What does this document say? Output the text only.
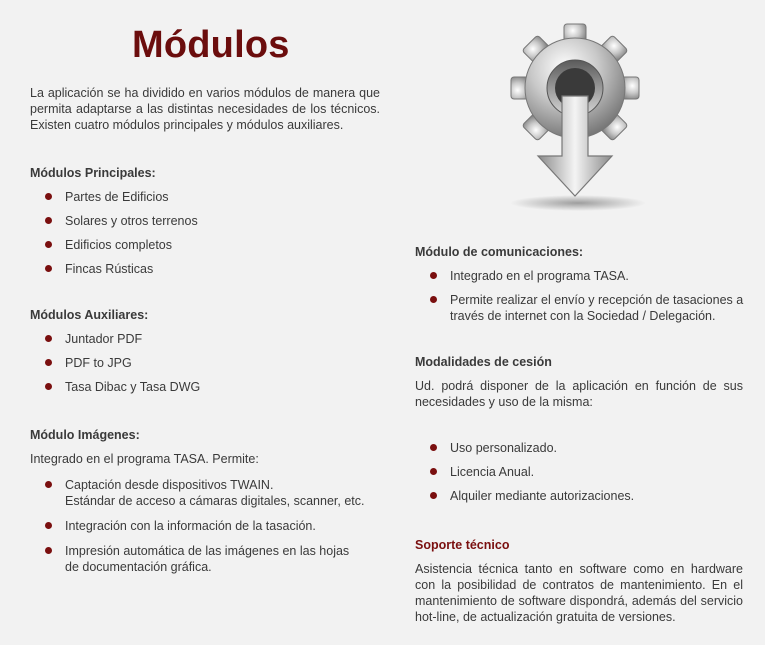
Módulos

La aplicación se ha dividido en varios módulos de manera que permita adaptarse a las distintas necesidades de los técnicos. Existen cuatro módulos principales y módulos auxiliares.

Módulos Principales:
Partes de Edificios
Solares y otros terrenos
Edificios completos
Fincas Rústicas
Módulos Auxiliares:
Juntador PDF
PDF to JPG
Tasa Dibac y Tasa DWG
Módulo Imágenes:

Integrado en el programa TASA. Permite:

Captación desde dispositivos TWAIN.
Estándar de acceso a cámaras digitales, scanner, etc.
Integración con la información de la tasación.
Impresión automática de las imágenes en las hojas
de documentación gráfica.
Módulo de comunicaciones:
Integrado en el programa TASA.
Permite realizar el envío y recepción de tasaciones a
través de internet con la Sociedad / Delegación.
Modalidades de cesión

Ud. podrá disponer de la aplicación en función de sus necesidades y uso de la misma:

Uso personalizado.
Licencia Anual.
Alquiler mediante autorizaciones.
Soporte técnico

Asistencia técnica tanto en software como en hardware con la posibilidad de contratos de mantenimiento. En el mantenimiento de software dispondrá, además del servicio hot-line, de actualización gratuita de versiones.
